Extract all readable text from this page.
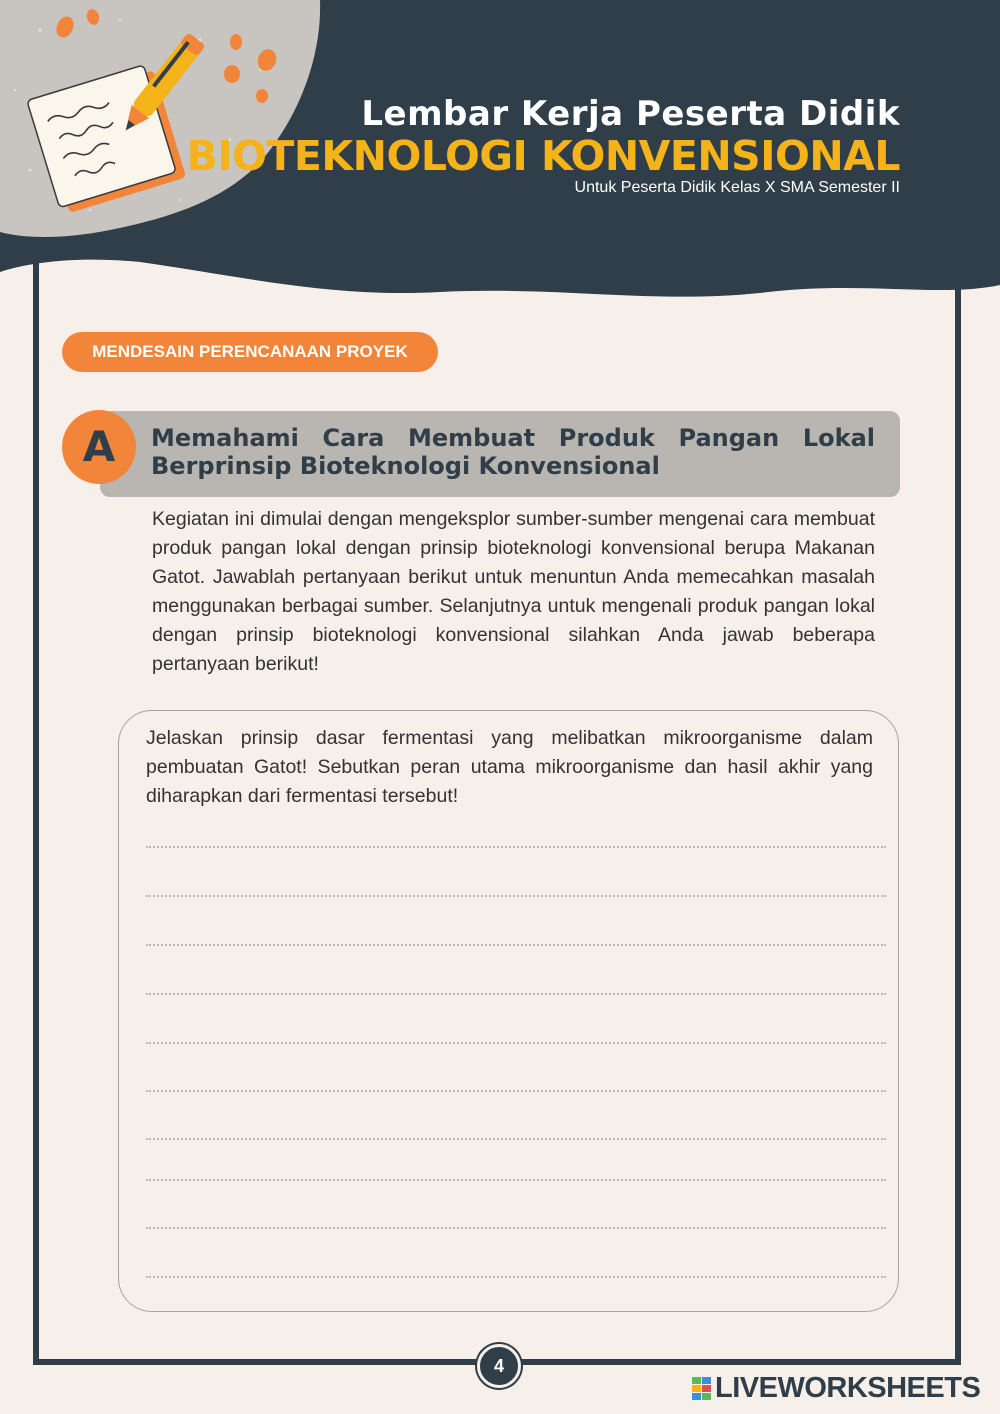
Lembar Kerja Peserta Didik
BIOTEKNOLOGI KONVENSIONAL
Untuk Peserta Didik Kelas X SMA Semester II
MENDESAIN PERENCANAAN PROYEK
A	Memahami Cara Membuat Produk Pangan Lokal Berprinsip Bioteknologi Konvensional
Kegiatan ini dimulai dengan mengeksplor sumber-sumber mengenai cara membuat produk pangan lokal dengan prinsip bioteknologi konvensional berupa Makanan Gatot. Jawablah pertanyaan berikut untuk menuntun Anda memecahkan masalah menggunakan berbagai sumber. Selanjutnya untuk mengenali produk pangan lokal dengan prinsip bioteknologi konvensional silahkan Anda jawab beberapa pertanyaan berikut!
Jelaskan prinsip dasar fermentasi yang melibatkan mikroorganisme dalam pembuatan Gatot! Sebutkan peran utama mikroorganisme dan hasil akhir yang diharapkan dari fermentasi tersebut!
4
LIVEWORKSHEETS
